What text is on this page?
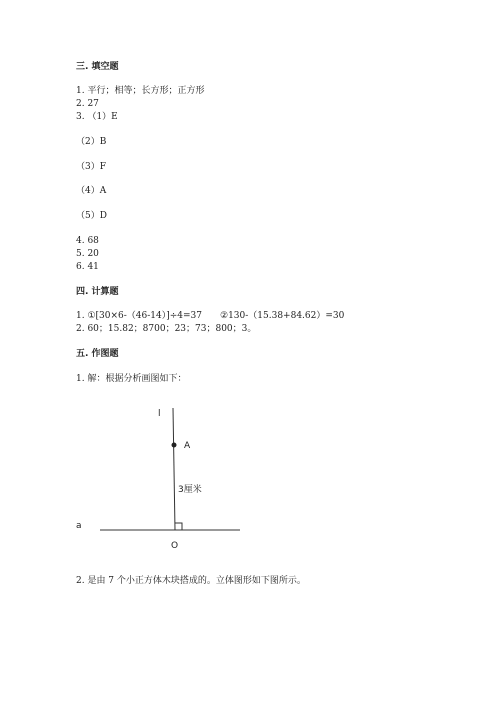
三. 填空题
1. 平行；相等；长方形；正方形
2. 27
3. （1）E
（2）B
（3）F
（4）A
（5）D
4. 68
5. 20
6. 41
四. 计算题
1. ①[30×6-（46-14）]÷4=37　　②130-（15.38+84.62）=30
2. 60；15.82；8700；23；73；800；3。
五. 作图题
1. 解：根据分析画图如下：
l
A
3厘米
a
O
2. 是由 7 个小正方体木块搭成的。立体图形如下图所示。
